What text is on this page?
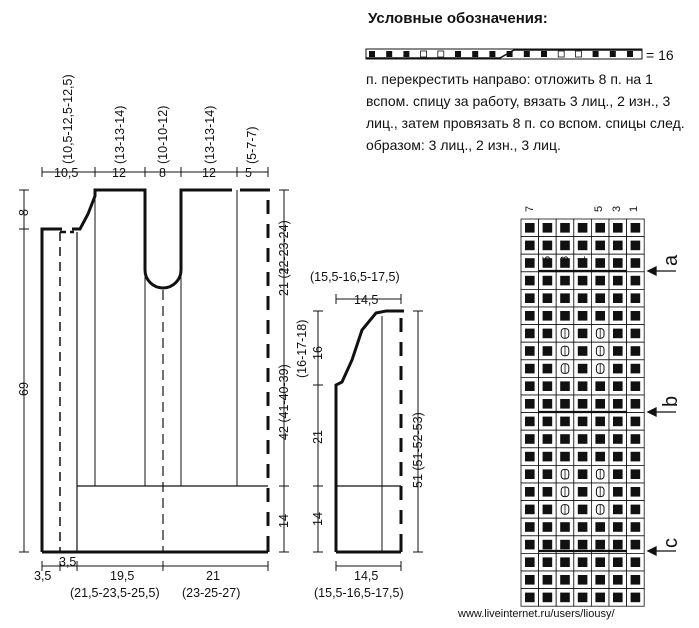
10,5	12	8	12 5
(10,5-12,5-12,5)	(13-13-14) (10-10-12)	(13-13-14) (5-7-7)
8
69
21 (22-23-24)
42 (41-40-39)
14
3,5
3,5
19,5	21
(21,5-23,5-25,5) (23-25-27)
(15,5-16,5-17,5)
14,5
(16-17-18) 16
21
14
51 (51-52-53)
14,5
(15,5-16,5-17,5)
7	5 3 1
5 3 1	a
b
c
Условные обозначения:
= 16
п. перекрестить направо: отложить 8 п. на 1 вспом. спицу за работу, вязать 3 лиц., 2 изн., 3 лиц., затем провязать 8 п. со вспом. спицы след. образом: 3 лиц., 2 изн., 3 лиц.
www.liveinternet.ru/users/liousy/
